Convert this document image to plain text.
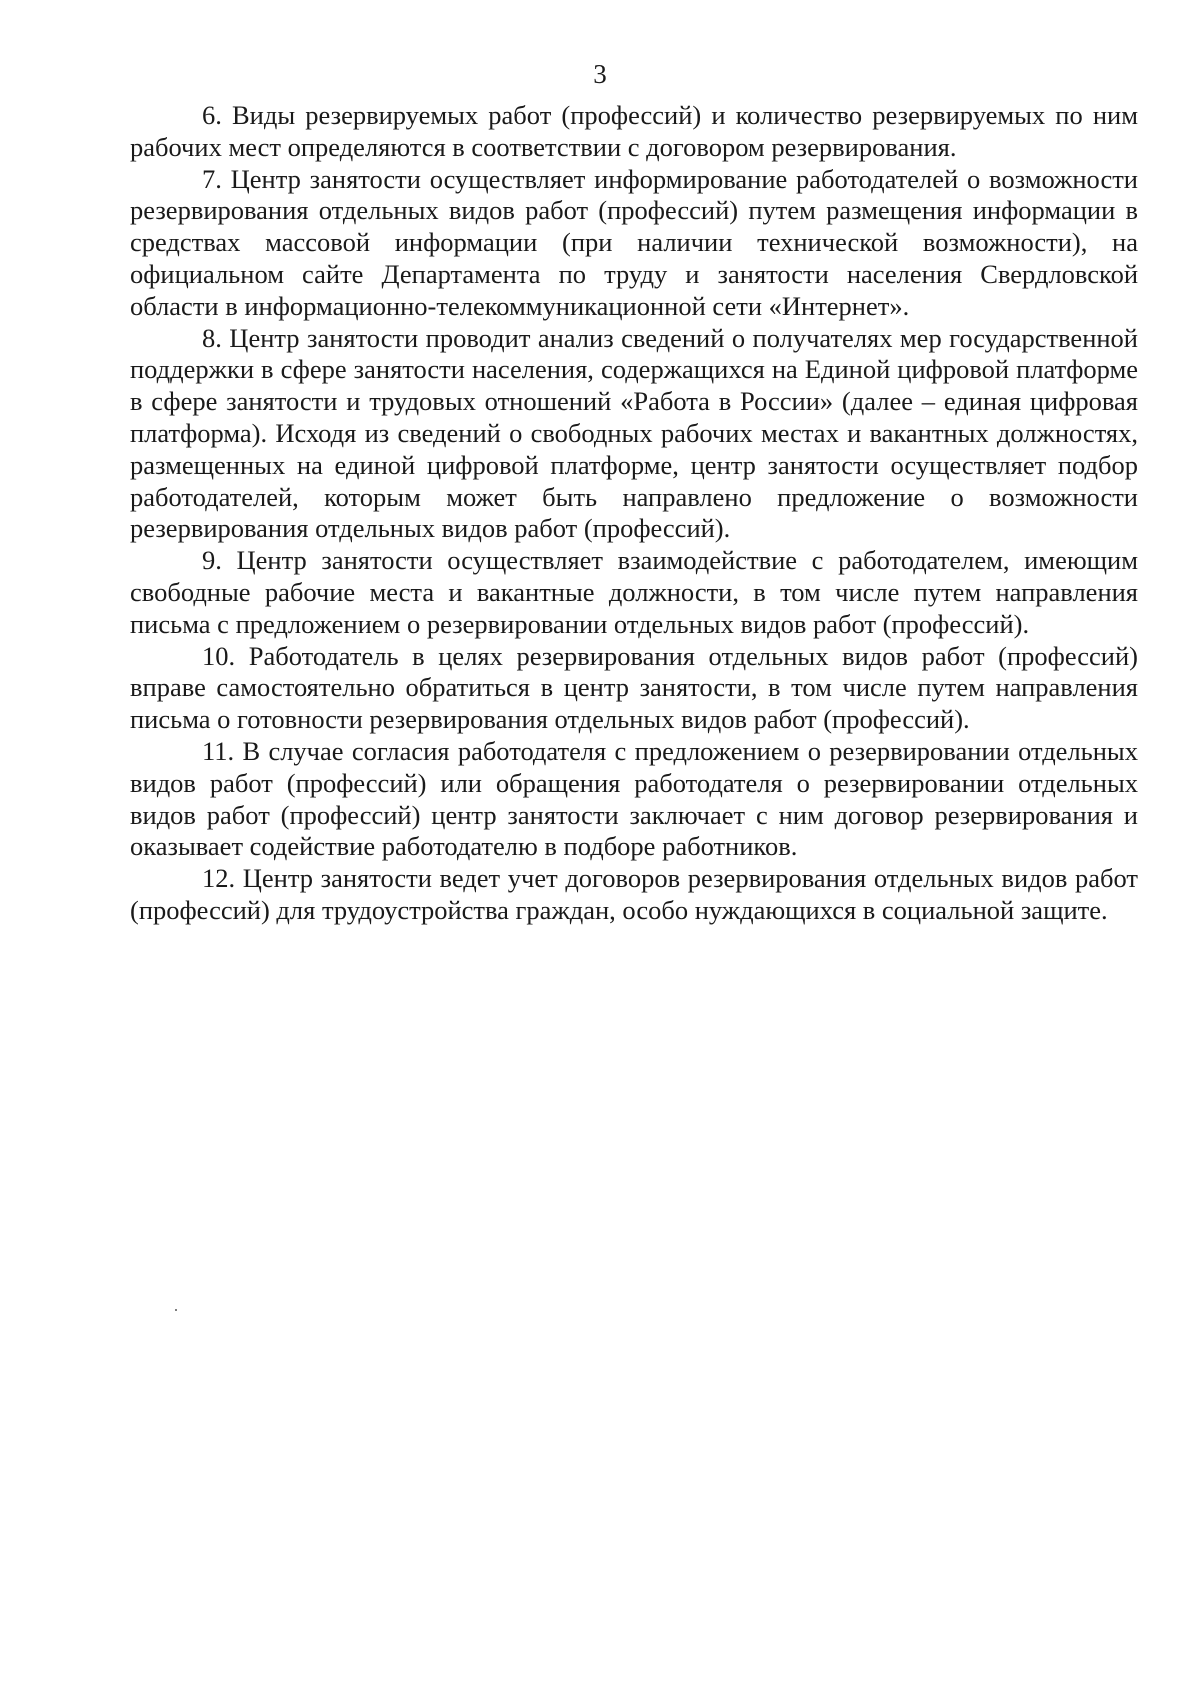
3

6. Виды резервируемых работ (профессий) и количество резервируемых по ним рабочих мест определяются в соответствии с договором резервирования.

7. Центр занятости осуществляет информирование работодателей о возможности резервирования отдельных видов работ (профессий) путем размещения информации в средствах массовой информации (при наличии технической возможности), на официальном сайте Департамента по труду и занятости населения Свердловской области в информационно-телекоммуникационной сети «Интернет».

8. Центр занятости проводит анализ сведений о получателях мер государственной поддержки в сфере занятости населения, содержащихся на Единой цифровой платформе в сфере занятости и трудовых отношений «Работа в России» (далее – единая цифровая платформа). Исходя из сведений о свободных рабочих местах и вакантных должностях, размещенных на единой цифровой платформе, центр занятости осуществляет подбор работодателей, которым может быть направлено предложение о возможности резервирования отдельных видов работ (профессий).

9. Центр занятости осуществляет взаимодействие с работодателем, имеющим свободные рабочие места и вакантные должности, в том числе путем направления письма с предложением о резервировании отдельных видов работ (профессий).

10. Работодатель в целях резервирования отдельных видов работ (профессий) вправе самостоятельно обратиться в центр занятости, в том числе путем направления письма о готовности резервирования отдельных видов работ (профессий).

11. В случае согласия работодателя с предложением о резервировании отдельных видов работ (профессий) или обращения работодателя о резервировании отдельных видов работ (профессий) центр занятости заключает с ним договор резервирования и оказывает содействие работодателю в подборе работников.

12. Центр занятости ведет учет договоров резервирования отдельных видов работ (профессий) для трудоустройства граждан, особо нуждающихся в социальной защите.
